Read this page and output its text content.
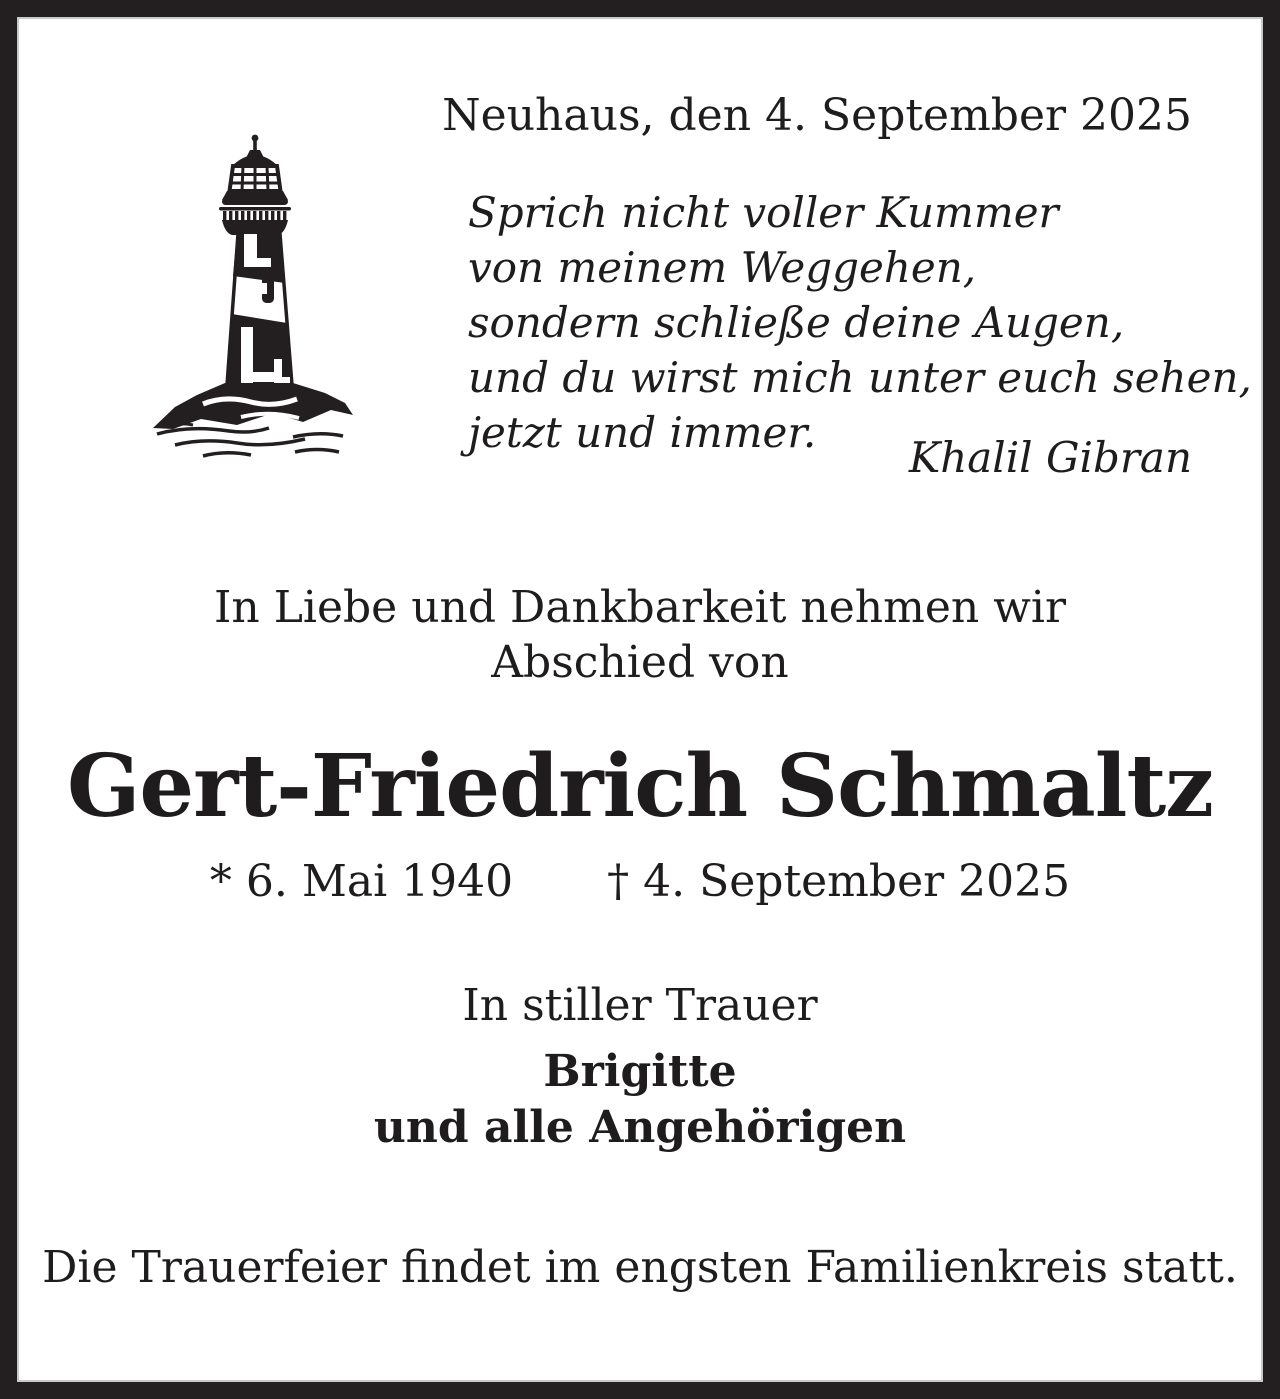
Neuhaus, den 4. September 2025
Sprich nicht voller Kummer
von meinem Weggehen,
sondern schließe deine Augen,
und du wirst mich unter euch sehen,
jetzt und immer.
Khalil Gibran
In Liebe und Dankbarkeit nehmen wir
Abschied von
Gert-Friedrich Schmaltz
* 6. Mai 1940 † 4. September 2025
In stiller Trauer
Brigitte
und alle Angehörigen
Die Trauerfeier findet im engsten Familienkreis statt.
